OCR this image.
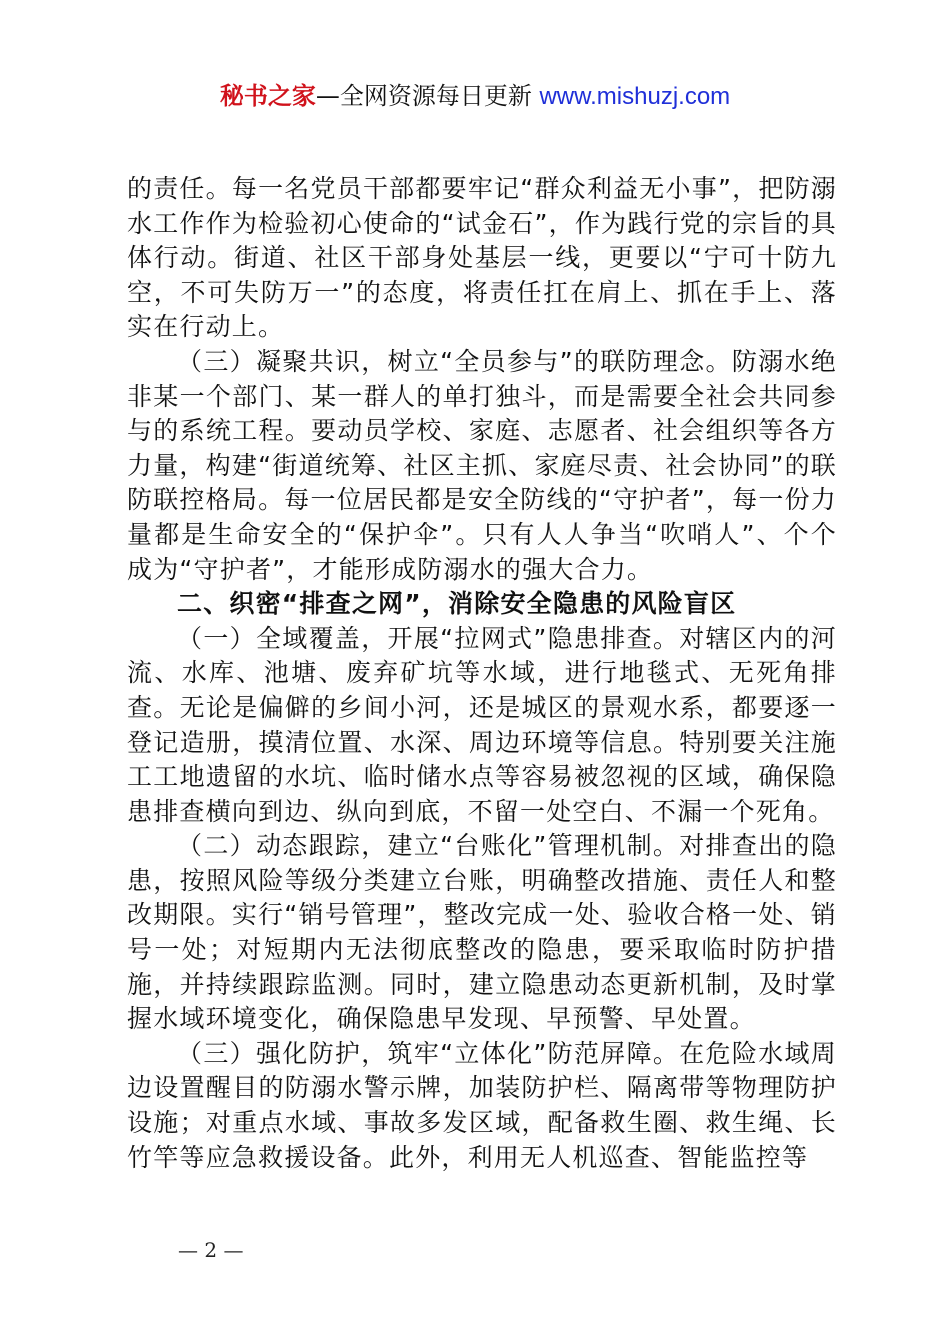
秘书之家—全网资源每日更新 www.mishuzj.com

的责任。每一名党员干部都要牢记“群众利益无小事”，把防溺水工作作为检验初心使命的“试金石”，作为践行党的宗旨的具体行动。街道、社区干部身处基层一线，更要以“宁可十防九空，不可失防万一”的态度，将责任扛在肩上、抓在手上、落实在行动上。

（三）凝聚共识，树立“全员参与”的联防理念。防溺水绝非某一个部门、某一群人的单打独斗，而是需要全社会共同参与的系统工程。要动员学校、家庭、志愿者、社会组织等各方力量，构建“街道统筹、社区主抓、家庭尽责、社会协同”的联防联控格局。每一位居民都是安全防线的“守护者”，每一份力量都是生命安全的“保护伞”。只有人人争当“吹哨人”、个个成为“守护者”，才能形成防溺水的强大合力。

二、织密“排查之网”，消除安全隐患的风险盲区

（一）全域覆盖，开展“拉网式”隐患排查。对辖区内的河流、水库、池塘、废弃矿坑等水域，进行地毯式、无死角排查。无论是偏僻的乡间小河，还是城区的景观水系，都要逐一登记造册，摸清位置、水深、周边环境等信息。特别要关注施工工地遗留的水坑、临时储水点等容易被忽视的区域，确保隐患排查横向到边、纵向到底，不留一处空白、不漏一个死角。

（二）动态跟踪，建立“台账化”管理机制。对排查出的隐患，按照风险等级分类建立台账，明确整改措施、责任人和整改期限。实行“销号管理”，整改完成一处、验收合格一处、销号一处；对短期内无法彻底整改的隐患，要采取临时防护措施，并持续跟踪监测。同时，建立隐患动态更新机制，及时掌握水域环境变化，确保隐患早发现、早预警、早处置。

（三）强化防护，筑牢“立体化”防范屏障。在危险水域周边设置醒目的防溺水警示牌，加装防护栏、隔离带等物理防护设施；对重点水域、事故多发区域，配备救生圈、救生绳、长竹竿等应急救援设备。此外，利用无人机巡查、智能监控等

— 2 —
